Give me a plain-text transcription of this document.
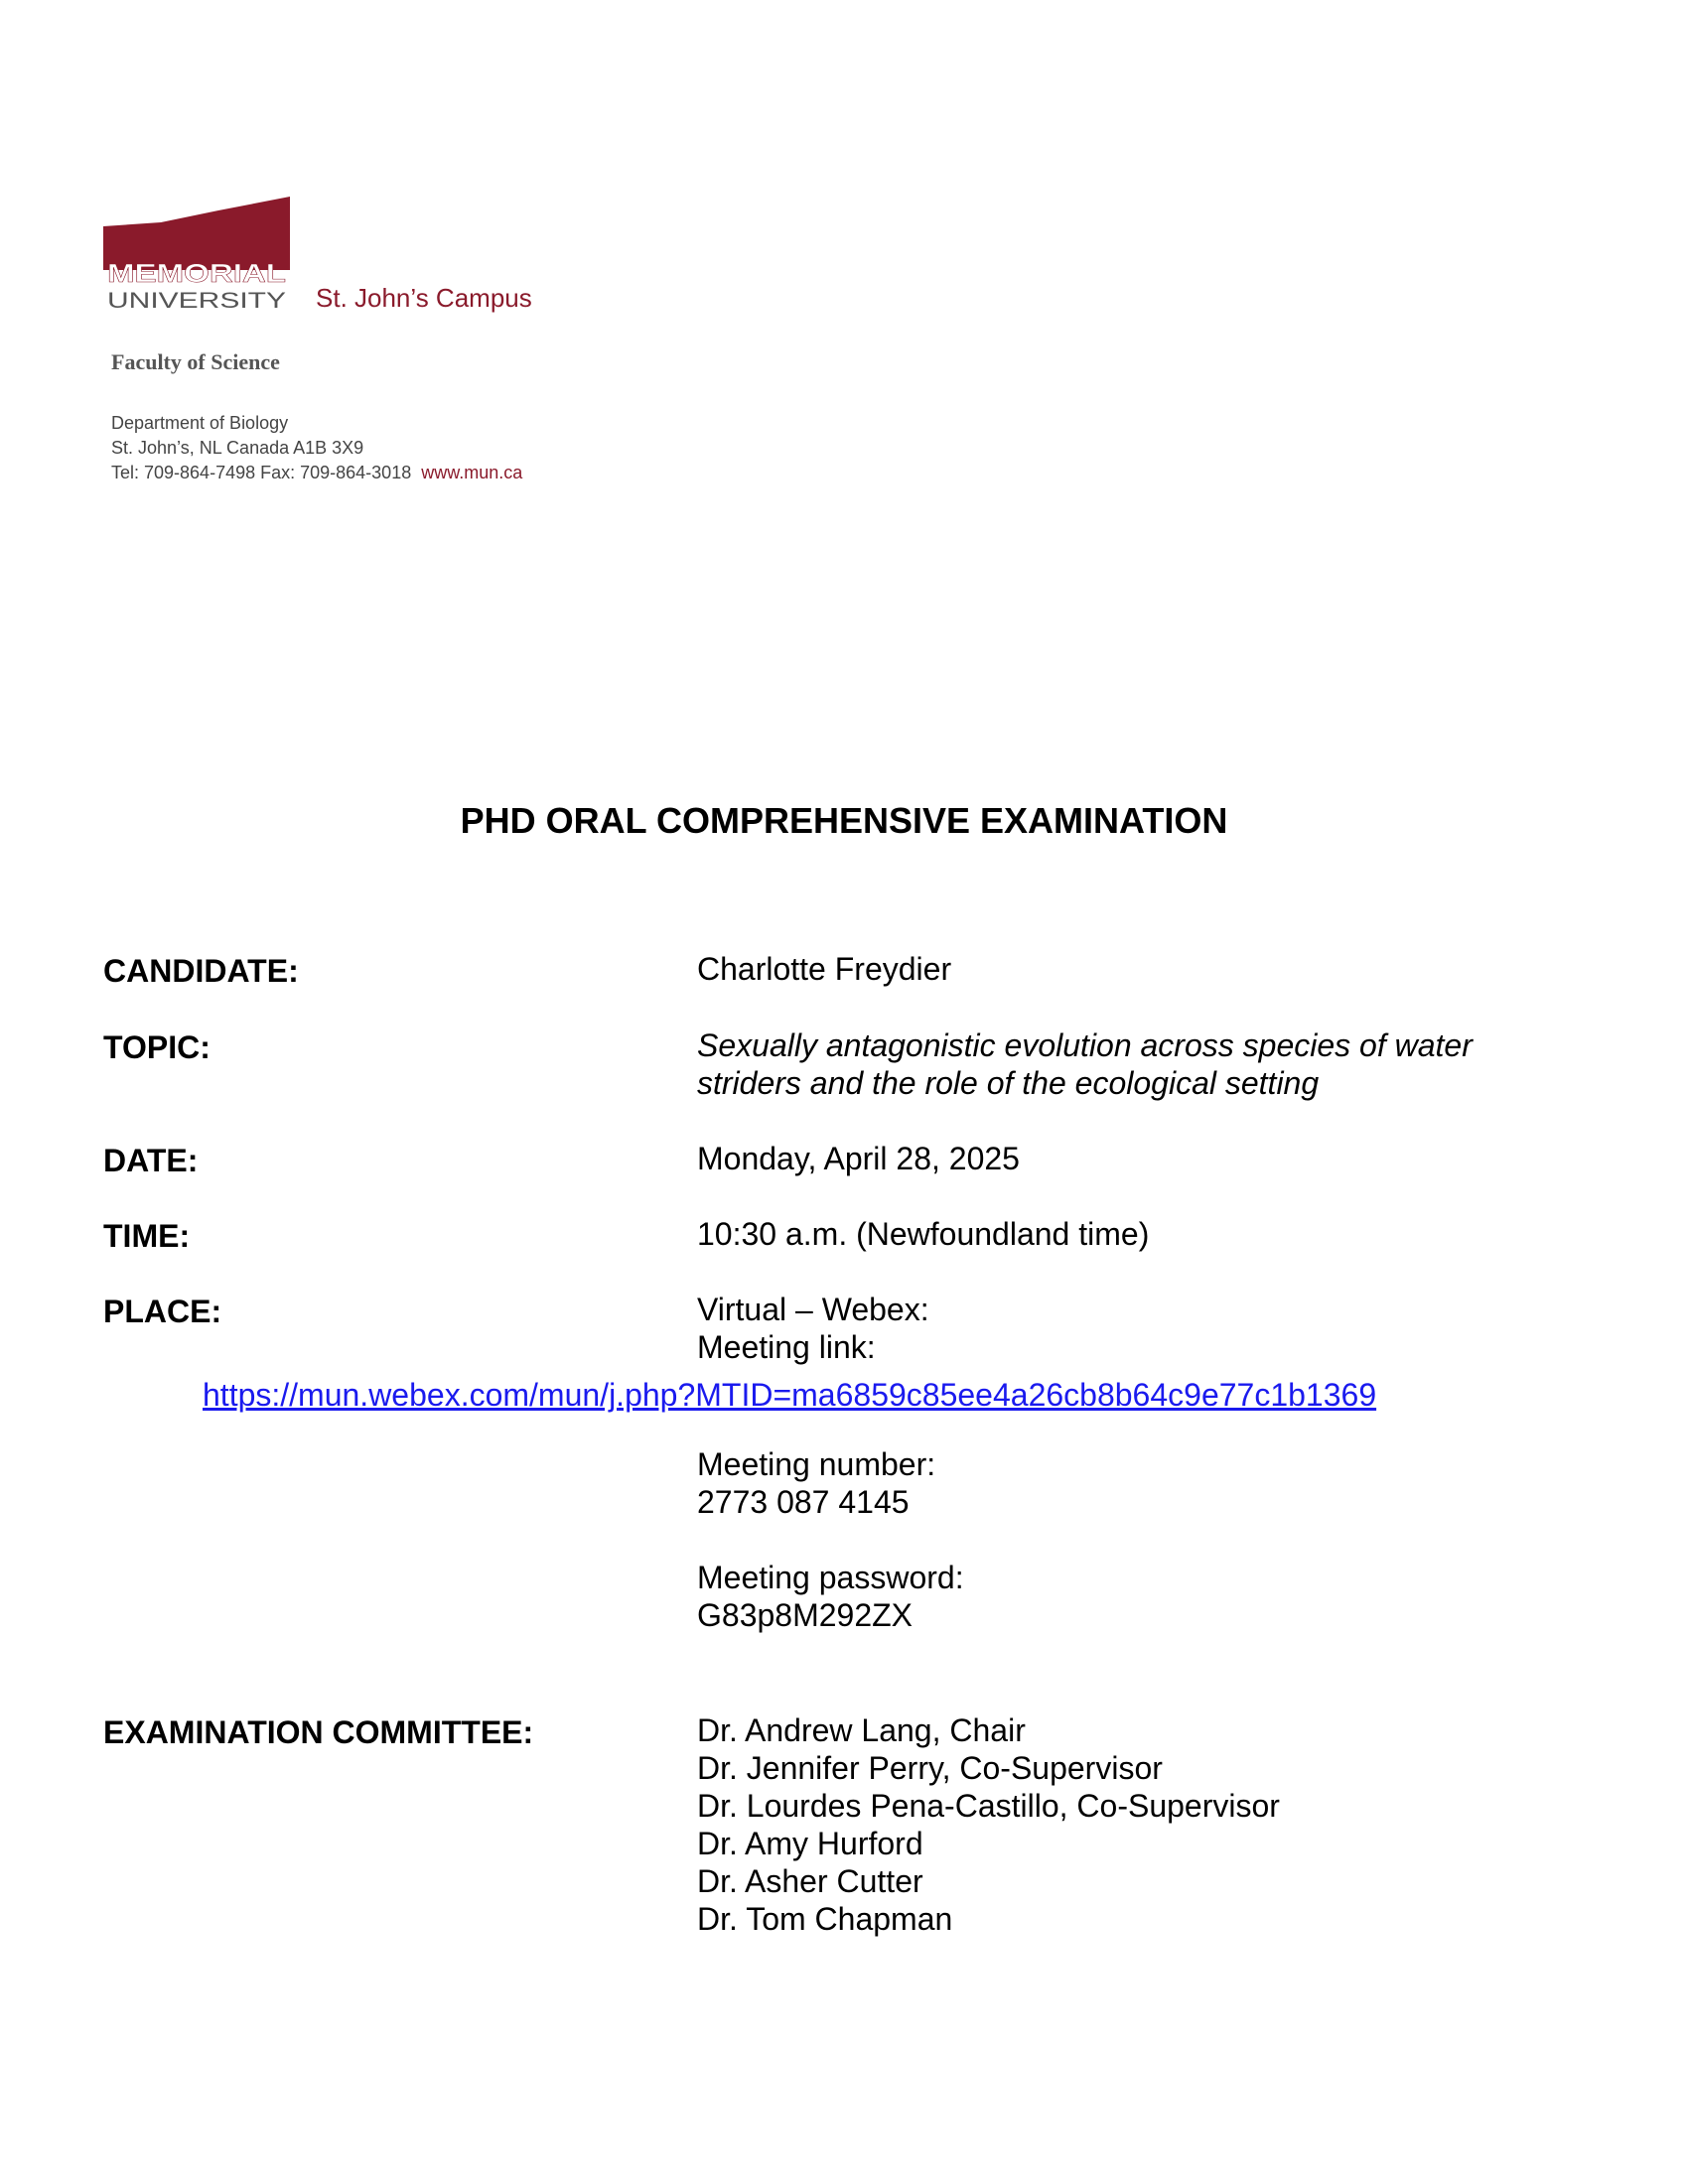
MEMORIAL
UNIVERSITY St. John’s Campus
Faculty of Science
Department of Biology
St. John’s, NL Canada A1B 3X9
Tel: 709-864-7498 Fax: 709-864-3018 www.mun.ca
PHD ORAL COMPREHENSIVE EXAMINATION
CANDIDATE:	Charlotte Freydier
TOPIC:	Sexually antagonistic evolution across species of water
striders and the role of the ecological setting
DATE:	Monday, April 28, 2025
TIME:	10:30 a.m. (Newfoundland time)
PLACE:	Virtual – Webex:
Meeting link:
https://mun.webex.com/mun/j.php?MTID=ma6859c85ee4a26cb8b64c9e77c1b1369
Meeting number:
2773 087 4145
Meeting password:
G83p8M292ZX
EXAMINATION COMMITTEE:	Dr. Andrew Lang, Chair
Dr. Jennifer Perry, Co-Supervisor
Dr. Lourdes Pena-Castillo, Co-Supervisor
Dr. Amy Hurford
Dr. Asher Cutter
Dr. Tom Chapman
